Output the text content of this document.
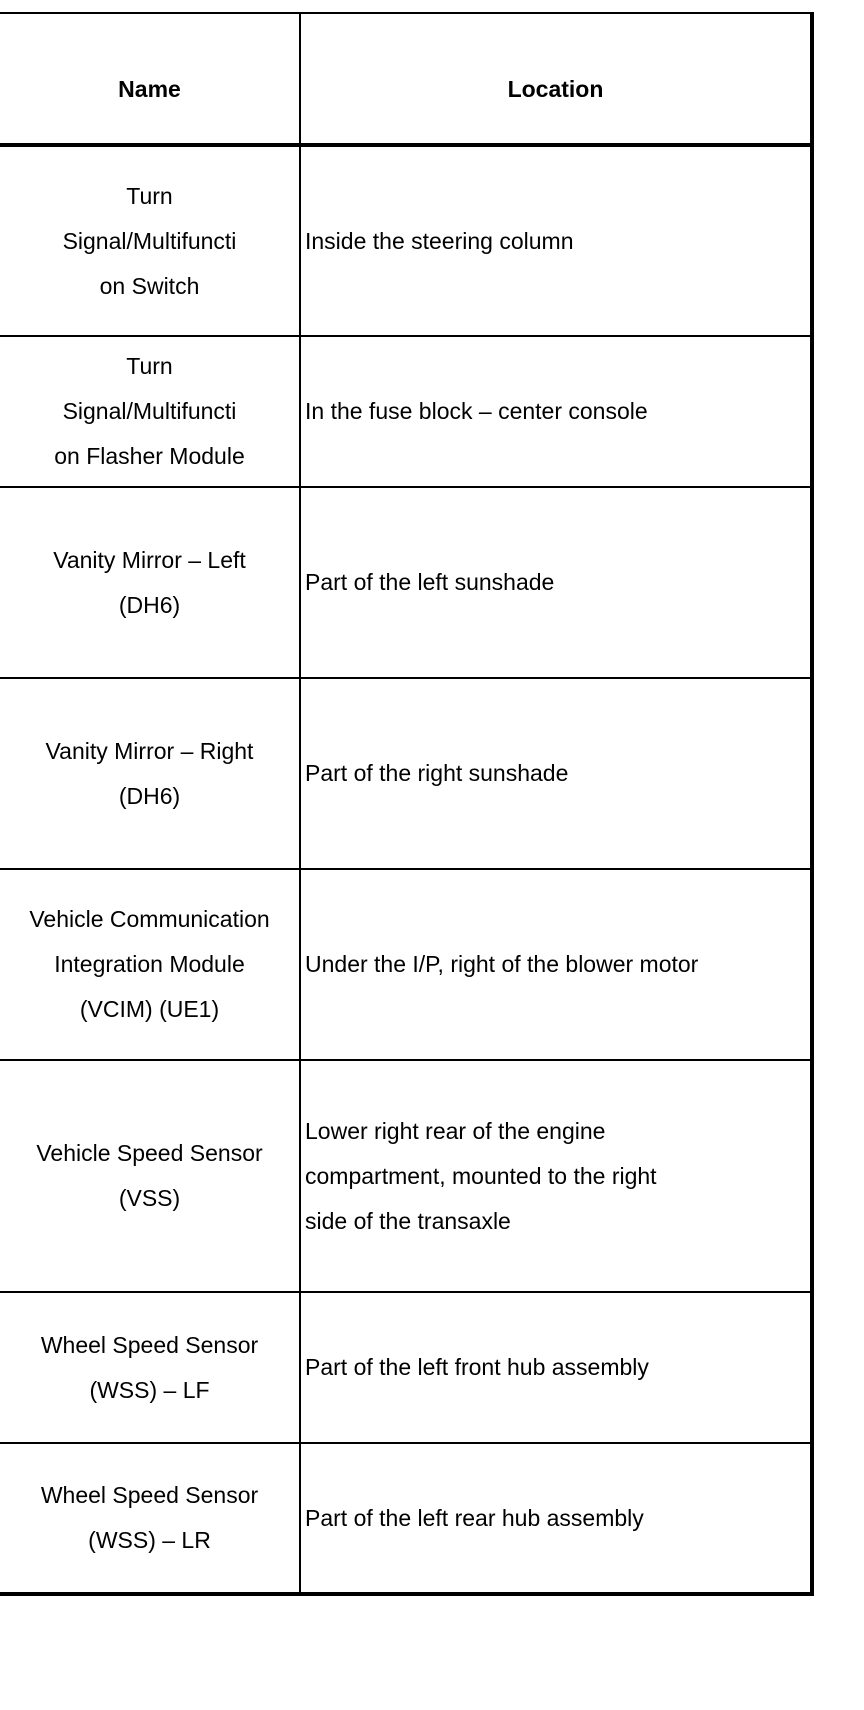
Name	Location
Turn
Signal/Multifuncti
on Switch	Inside the steering column
Turn
Signal/Multifuncti
on Flasher Module	In the fuse block – center console
Vanity Mirror – Left
(DH6)	Part of the left sunshade
Vanity Mirror – Right
(DH6)	Part of the right sunshade
Vehicle Communication
Integration Module
(VCIM) (UE1)	Under the I/P, right of the blower motor
Vehicle Speed Sensor
(VSS)	Lower right rear of the engine
compartment, mounted to the right
side of the transaxle
Wheel Speed Sensor
(WSS) – LF	Part of the left front hub assembly
Wheel Speed Sensor
(WSS) – LR	Part of the left rear hub assembly
